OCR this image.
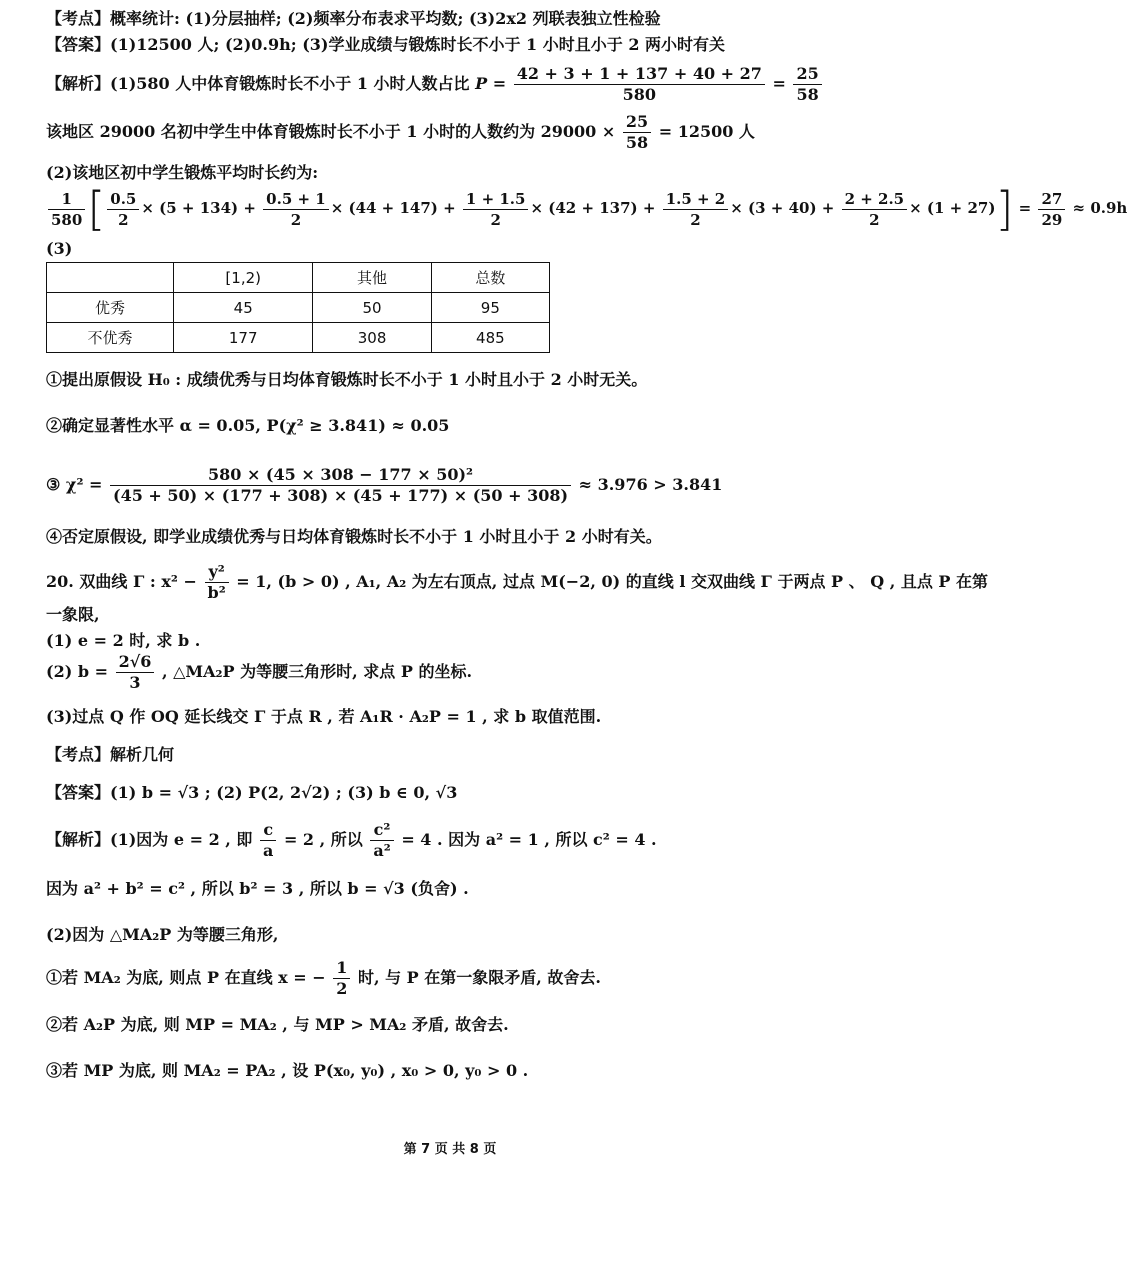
【考点】概率统计: (1)分层抽样; (2)频率分布表求平均数; (3)2x2 列联表独立性检验
【答案】(1)12500 人; (2)0.9h; (3)学业成绩与锻炼时长不小于 1 小时且小于 2 两小时有关
【解析】(1)580 人中体育锻炼时长不小于 1 小时人数占比 $P = \frac{42 + 3 + 1 + 137 + 40 + 27}{580} = \frac{25}{58}$
该地区 29000 名初中学生中体育锻炼时长不小于 1 小时的人数约为 $29000 \times \frac{25}{58} = 12500$ 人
(2)该地区初中学生锻炼平均时长约为:
$\frac{1}{580}$ [ $\frac{0.5}{2} \times (5 + 134) + \frac{0.5 + 1}{2} \times (44 + 147) + \frac{1 + 1.5}{2} \times (42 + 137) + \frac{1.5 + 2}{2} \times (3 + 40) + \frac{2 + 2.5}{2} \times (1 + 27)] = \frac{27}{29} \approx 0.9h$
(3)
	[1,2)	其他	总数
优秀	45	50	95
不优秀	177	308	485
①提出原假设 H₀ : 成绩优秀与日均体育锻炼时长不小于 1 小时且小于 2 小时无关。
②确定显著性水平 α = 0.05, P(χ² ≥ 3.841) ≈ 0.05
③ $\chi^2 = \frac{\text{580 × (45 × 308 − 177 × 50)²}}{(45 + 50) \times (177 + 308) \times (45 + 177) \times (50 + 308)} \approx 3.976 > 3.841$
④否定原假设, 即学业成绩优秀与日均体育锻炼时长不小于 1 小时且小于 2 小时有关。
20. 双曲线 Γ : $x^2 - \frac{\text{y²}}{\text{b²}} = 1$, (b > 0) , A₁, A₂ 为左右顶点, 过点 M(−2, 0) 的直线 l 交双曲线 Γ 于两点 P 、 Q , 且点 P 在第
一象限,
(1) e = 2 时, 求 b .
(2) $b = \frac{2√6}{3}$ , △MA₂P 为等腰三角形时, 求点 P 的坐标.
(3)过点 Q 作 OQ 延长线交 Γ 于点 R , 若 A₁R · A₂P = 1 , 求 b 取值范围.
【考点】解析几何
【答案】(1) b = √3 ; (2) P(2, 2√2) ; (3) b ∈ 0, √3
【解析】(1)因为 e = 2 , 即 $\frac{c}{a} = 2$ , 所以 $\frac{\text{c²}}{\text{a²}} = 4$ . 因为 a² = 1 , 所以 c² = 4 .
因为 a² + b² = c² , 所以 b² = 3 , 所以 b = √3 (负舍) .
(2)因为 △MA₂P 为等腰三角形,
①若 MA₂ 为底, 则点 P 在直线 x = − $\frac{1}{2}$ 时, 与 P 在第一象限矛盾, 故舍去.
②若 A₂P 为底, 则 MP = MA₂ , 与 MP > MA₂ 矛盾, 故舍去.
③若 MP 为底, 则 MA₂ = PA₂ , 设 P(x₀, y₀) , x₀ > 0, y₀ > 0 .
第 7 页 共 8 页
